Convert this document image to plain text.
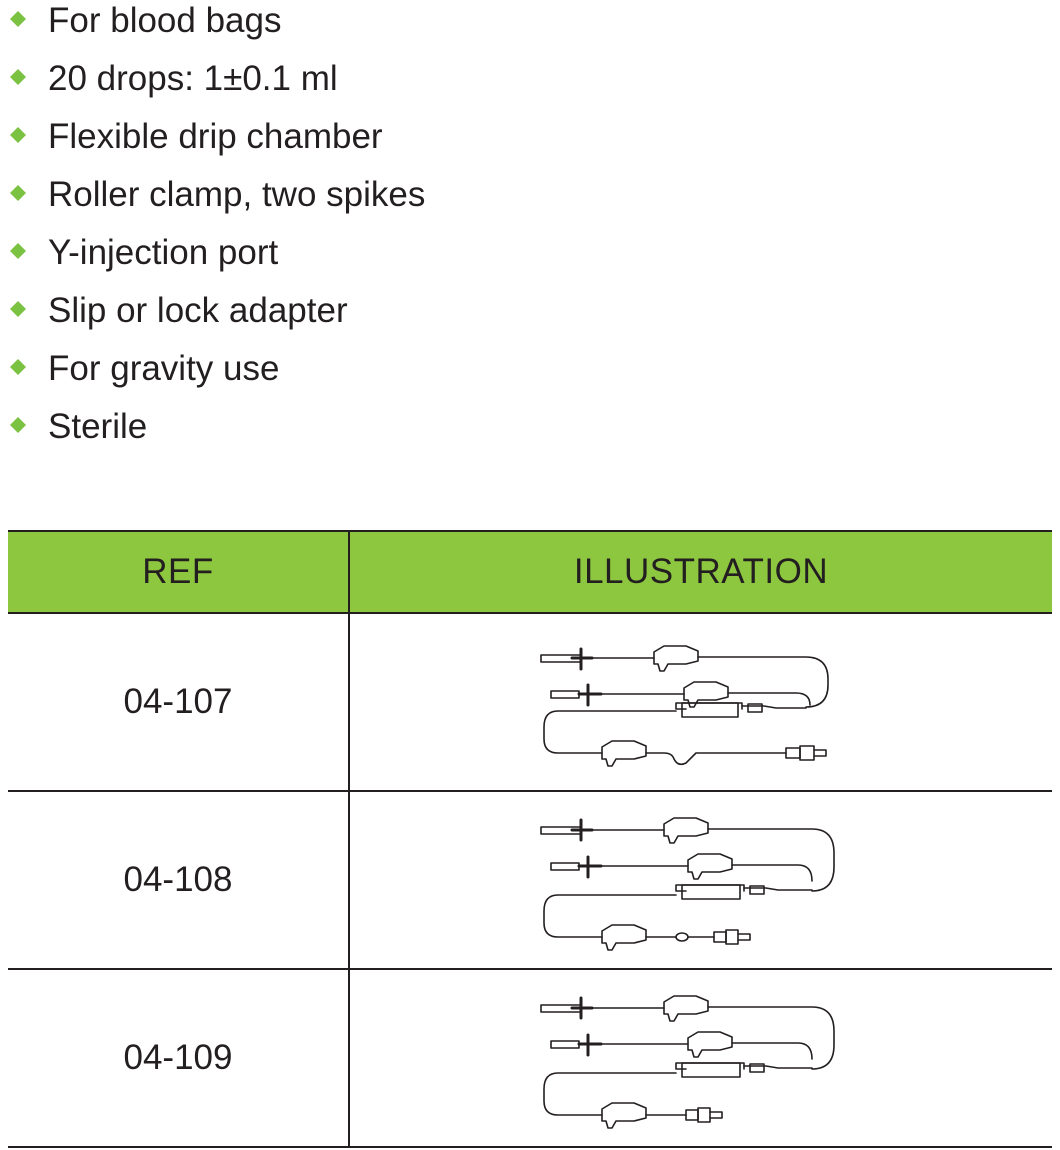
For blood bags
20 drops: 1±0.1 ml
Flexible drip chamber
Roller clamp, two spikes
Y-injection port
Slip or lock adapter
For gravity use
Sterile
REF	ILLUSTRATION
04-107	

04-108	

04-109	
